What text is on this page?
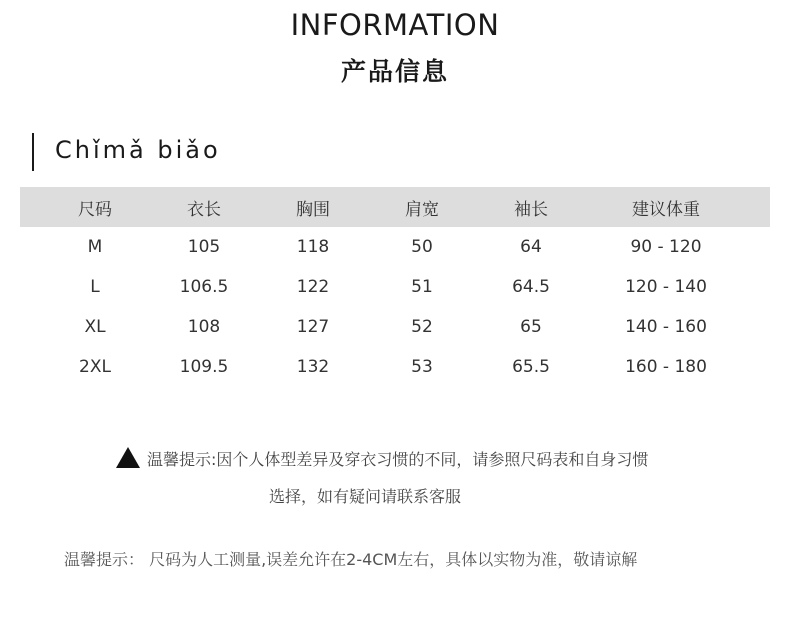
INFORMATION
产品信息
Chǐmǎ biǎo
尺码	衣长	胸围	肩宽	袖长	建议体重
M	105	118	50	64	90 - 120
L	106.5	122	51	64.5	120 - 140
XL	108	127	52	65	140 - 160
2XL	109.5	132	53	65.5	160 - 180
温馨提示:因个人体型差异及穿衣习惯的不同，请参照尺码表和自身习惯
选择，如有疑问请联系客服
温馨提示： 尺码为人工测量,误差允许在2-4CM左右，具体以实物为准，敬请谅解
